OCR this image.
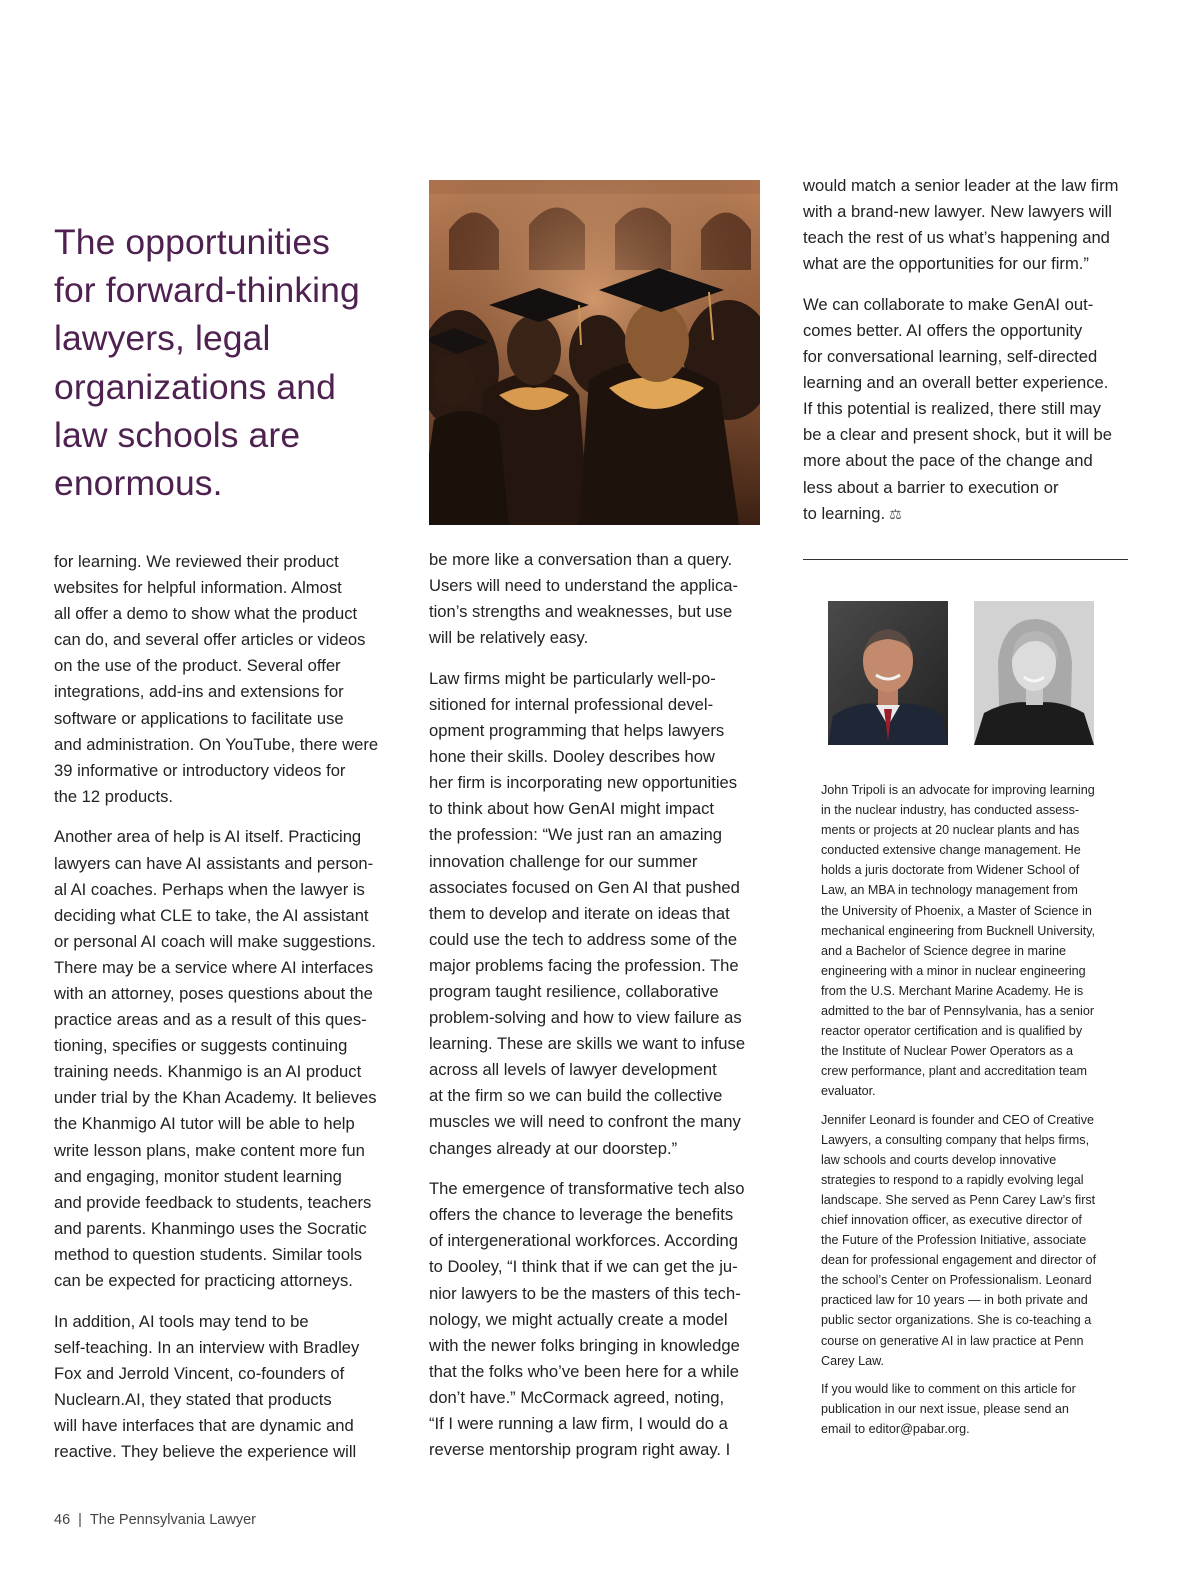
The opportunities
for forward-thinking
lawyers, legal
organizations and
law schools are
enormous.

for learning. We reviewed their product
websites for helpful information. Almost
all offer a demo to show what the product
can do, and several offer articles or videos
on the use of the product. Several offer
integrations, add-ins and extensions for
software or applications to facilitate use
and administration. On YouTube, there were
39 informative or introductory videos for
the 12 products.

Another area of help is AI itself. Practicing
lawyers can have AI assistants and person-
al AI coaches. Perhaps when the lawyer is
deciding what CLE to take, the AI assistant
or personal AI coach will make suggestions.
There may be a service where AI interfaces
with an attorney, poses questions about the
practice areas and as a result of this ques-
tioning, specifies or suggests continuing
training needs. Khanmigo is an AI product
under trial by the Khan Academy. It believes
the Khanmigo AI tutor will be able to help
write lesson plans, make content more fun
and engaging, monitor student learning
and provide feedback to students, teachers
and parents. Khanmingo uses the Socratic
method to question students. Similar tools
can be expected for practicing attorneys.

In addition, AI tools may tend to be
self-teaching. In an interview with Bradley
Fox and Jerrold Vincent, co-founders of
Nuclearn.AI, they stated that products
will have interfaces that are dynamic and
reactive. They believe the experience will

be more like a conversation than a query.
Users will need to understand the applica-
tion’s strengths and weaknesses, but use
will be relatively easy.

Law firms might be particularly well-po-
sitioned for internal professional devel-
opment programming that helps lawyers
hone their skills. Dooley describes how
her firm is incorporating new opportunities
to think about how GenAI might impact
the profession: “We just ran an amazing
innovation challenge for our summer
associates focused on Gen AI that pushed
them to develop and iterate on ideas that
could use the tech to address some of the
major problems facing the profession. The
program taught resilience, collaborative
problem-solving and how to view failure as
learning. These are skills we want to infuse
across all levels of lawyer development
at the firm so we can build the collective
muscles we will need to confront the many
changes already at our doorstep.”

The emergence of transformative tech also
offers the chance to leverage the benefits
of intergenerational workforces. According
to Dooley, “I think that if we can get the ju-
nior lawyers to be the masters of this tech-
nology, we might actually create a model
with the newer folks bringing in knowledge
that the folks who’ve been here for a while
don’t have.” McCormack agreed, noting,
“If I were running a law firm, I would do a
reverse mentorship program right away. I

would match a senior leader at the law firm
with a brand-new lawyer. New lawyers will
teach the rest of us what’s happening and
what are the opportunities for our firm.”

We can collaborate to make GenAI out-
comes better. AI offers the opportunity
for conversational learning, self-directed
learning and an overall better experience.
If this potential is realized, there still may
be a clear and present shock, but it will be
more about the pace of the change and
less about a barrier to execution or
to learning. ⚖

John Tripoli is an advocate for improving learning
in the nuclear industry, has conducted assess-
ments or projects at 20 nuclear plants and has
conducted extensive change management. He
holds a juris doctorate from Widener School of
Law, an MBA in technology management from
the University of Phoenix, a Master of Science in
mechanical engineering from Bucknell University,
and a Bachelor of Science degree in marine
engineering with a minor in nuclear engineering
from the U.S. Merchant Marine Academy. He is
admitted to the bar of Pennsylvania, has a senior
reactor operator certification and is qualified by
the Institute of Nuclear Power Operators as a
crew performance, plant and accreditation team
evaluator.

Jennifer Leonard is founder and CEO of Creative
Lawyers, a consulting company that helps firms,
law schools and courts develop innovative
strategies to respond to a rapidly evolving legal
landscape. She served as Penn Carey Law’s first
chief innovation officer, as executive director of
the Future of the Profession Initiative, associate
dean for professional engagement and director of
the school’s Center on Professionalism. Leonard
practiced law for 10 years — in both private and
public sector organizations. She is co-teaching a
course on generative AI in law practice at Penn
Carey Law.

If you would like to comment on this article for
publication in our next issue, please send an
email to editor@pabar.org.

46 | The Pennsylvania Lawyer
